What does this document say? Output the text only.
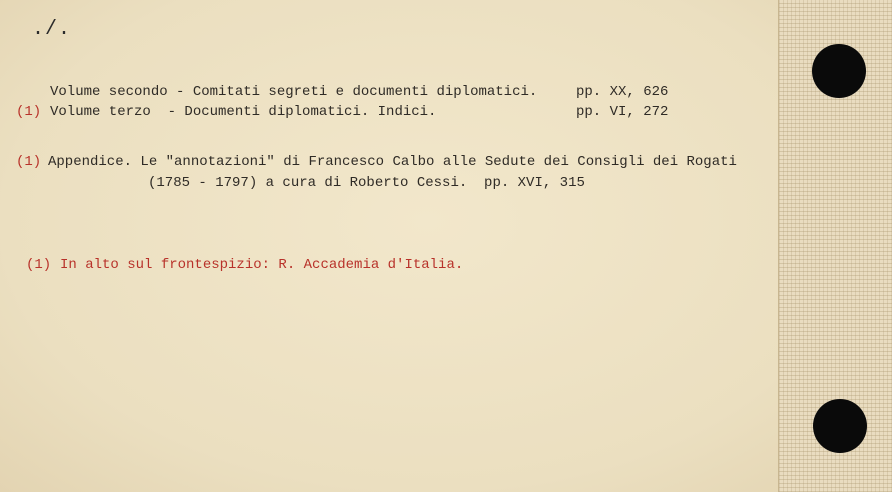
./.
Volume secondo - Comitati segreti e documenti diplomatici.	pp. XX, 626
(1) Volume terzo  - Documenti diplomatici. Indici.	pp. VI, 272
(1) Appendice. Le "annotazioni" di Francesco Calbo alle Sedute dei Consigli dei Rogati
(1785 - 1797) a cura di Roberto Cessi.  pp. XVI, 315
(1) In alto sul frontespizio: R. Accademia d'Italia.
